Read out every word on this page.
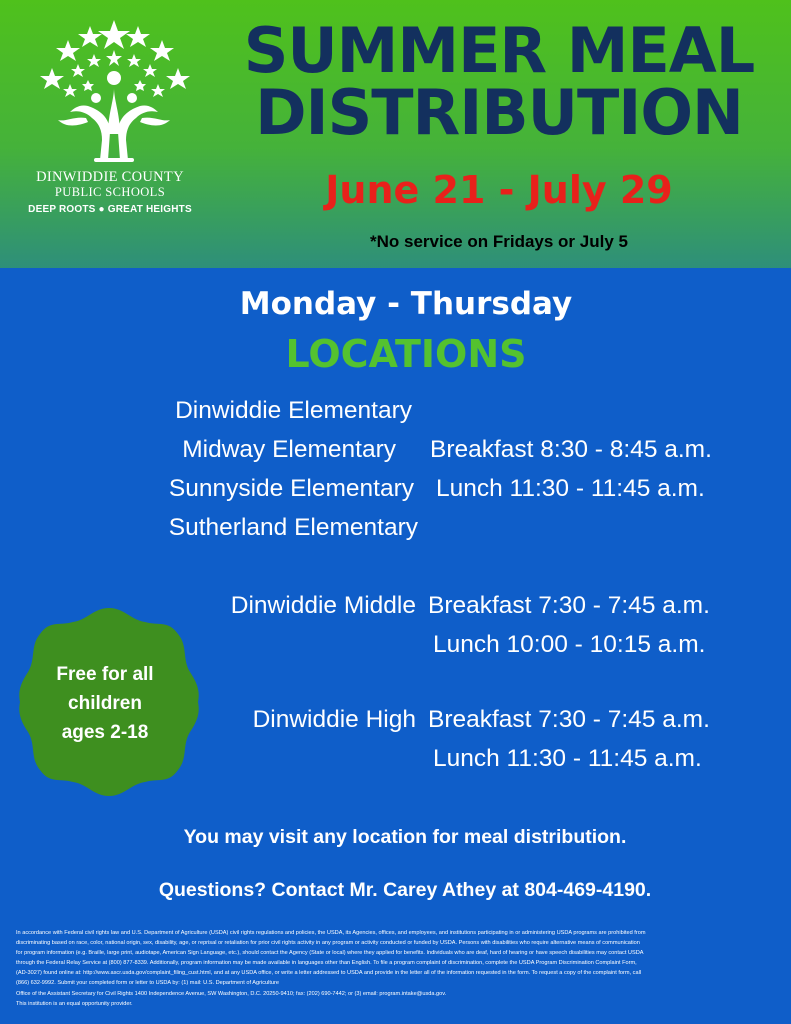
DINWIDDIE COUNTY
PUBLIC SCHOOLS
DEEP ROOTS ● GREAT HEIGHTS
SUMMER MEAL
DISTRIBUTION
June 21 - July 29
*No service on Fridays or July 5
Monday - Thursday
LOCATIONS
Dinwiddie Elementary
Midway Elementary
Sunnyside Elementary
Sutherland Elementary
Breakfast 8:30 - 8:45 a.m.
Lunch 11:30 - 11:45 a.m.
Dinwiddie Middle Breakfast 7:30 - 7:45 a.m.
Lunch 10:00 - 10:15 a.m.
Dinwiddie High Breakfast 7:30 - 7:45 a.m.
Lunch 11:30 - 11:45 a.m.
Free for all
children
ages 2-18
You may visit any location for meal distribution.
Questions? Contact Mr. Carey Athey at 804-469-4190.
In accordance with Federal civil rights law and U.S. Department of Agriculture (USDA) civil rights regulations and policies, the USDA, its Agencies, offices, and employees, and institutions participating in or administering USDA programs are prohibited from
discriminating based on race, color, national origin, sex, disability, age, or reprisal or retaliation for prior civil rights activity in any program or activity conducted or funded by USDA. Persons with disabilities who require alternative means of communication
for program information (e.g. Braille, large print, audiotape, American Sign Language, etc.), should contact the Agency (State or local) where they applied for benefits. Individuals who are deaf, hard of hearing or have speech disabilities may contact USDA
through the Federal Relay Service at (800) 877-8339. Additionally, program information may be made available in languages other than English. To file a program complaint of discrimination, complete the USDA Program Discrimination Complaint Form,
(AD-3027) found online at: http://www.ascr.usda.gov/complaint_filing_cust.html, and at any USDA office, or write a letter addressed to USDA and provide in the letter all of the information requested in the form. To request a copy of the complaint form, call
(866) 632-9992. Submit your completed form or letter to USDA by: (1) mail: U.S. Department of Agriculture
Office of the Assistant Secretary for Civil Rights 1400 Independence Avenue, SW Washington, D.C. 20250-9410; fax: (202) 690-7442; or (3) email: program.intake@usda.gov.
This institution is an equal opportunity provider.
